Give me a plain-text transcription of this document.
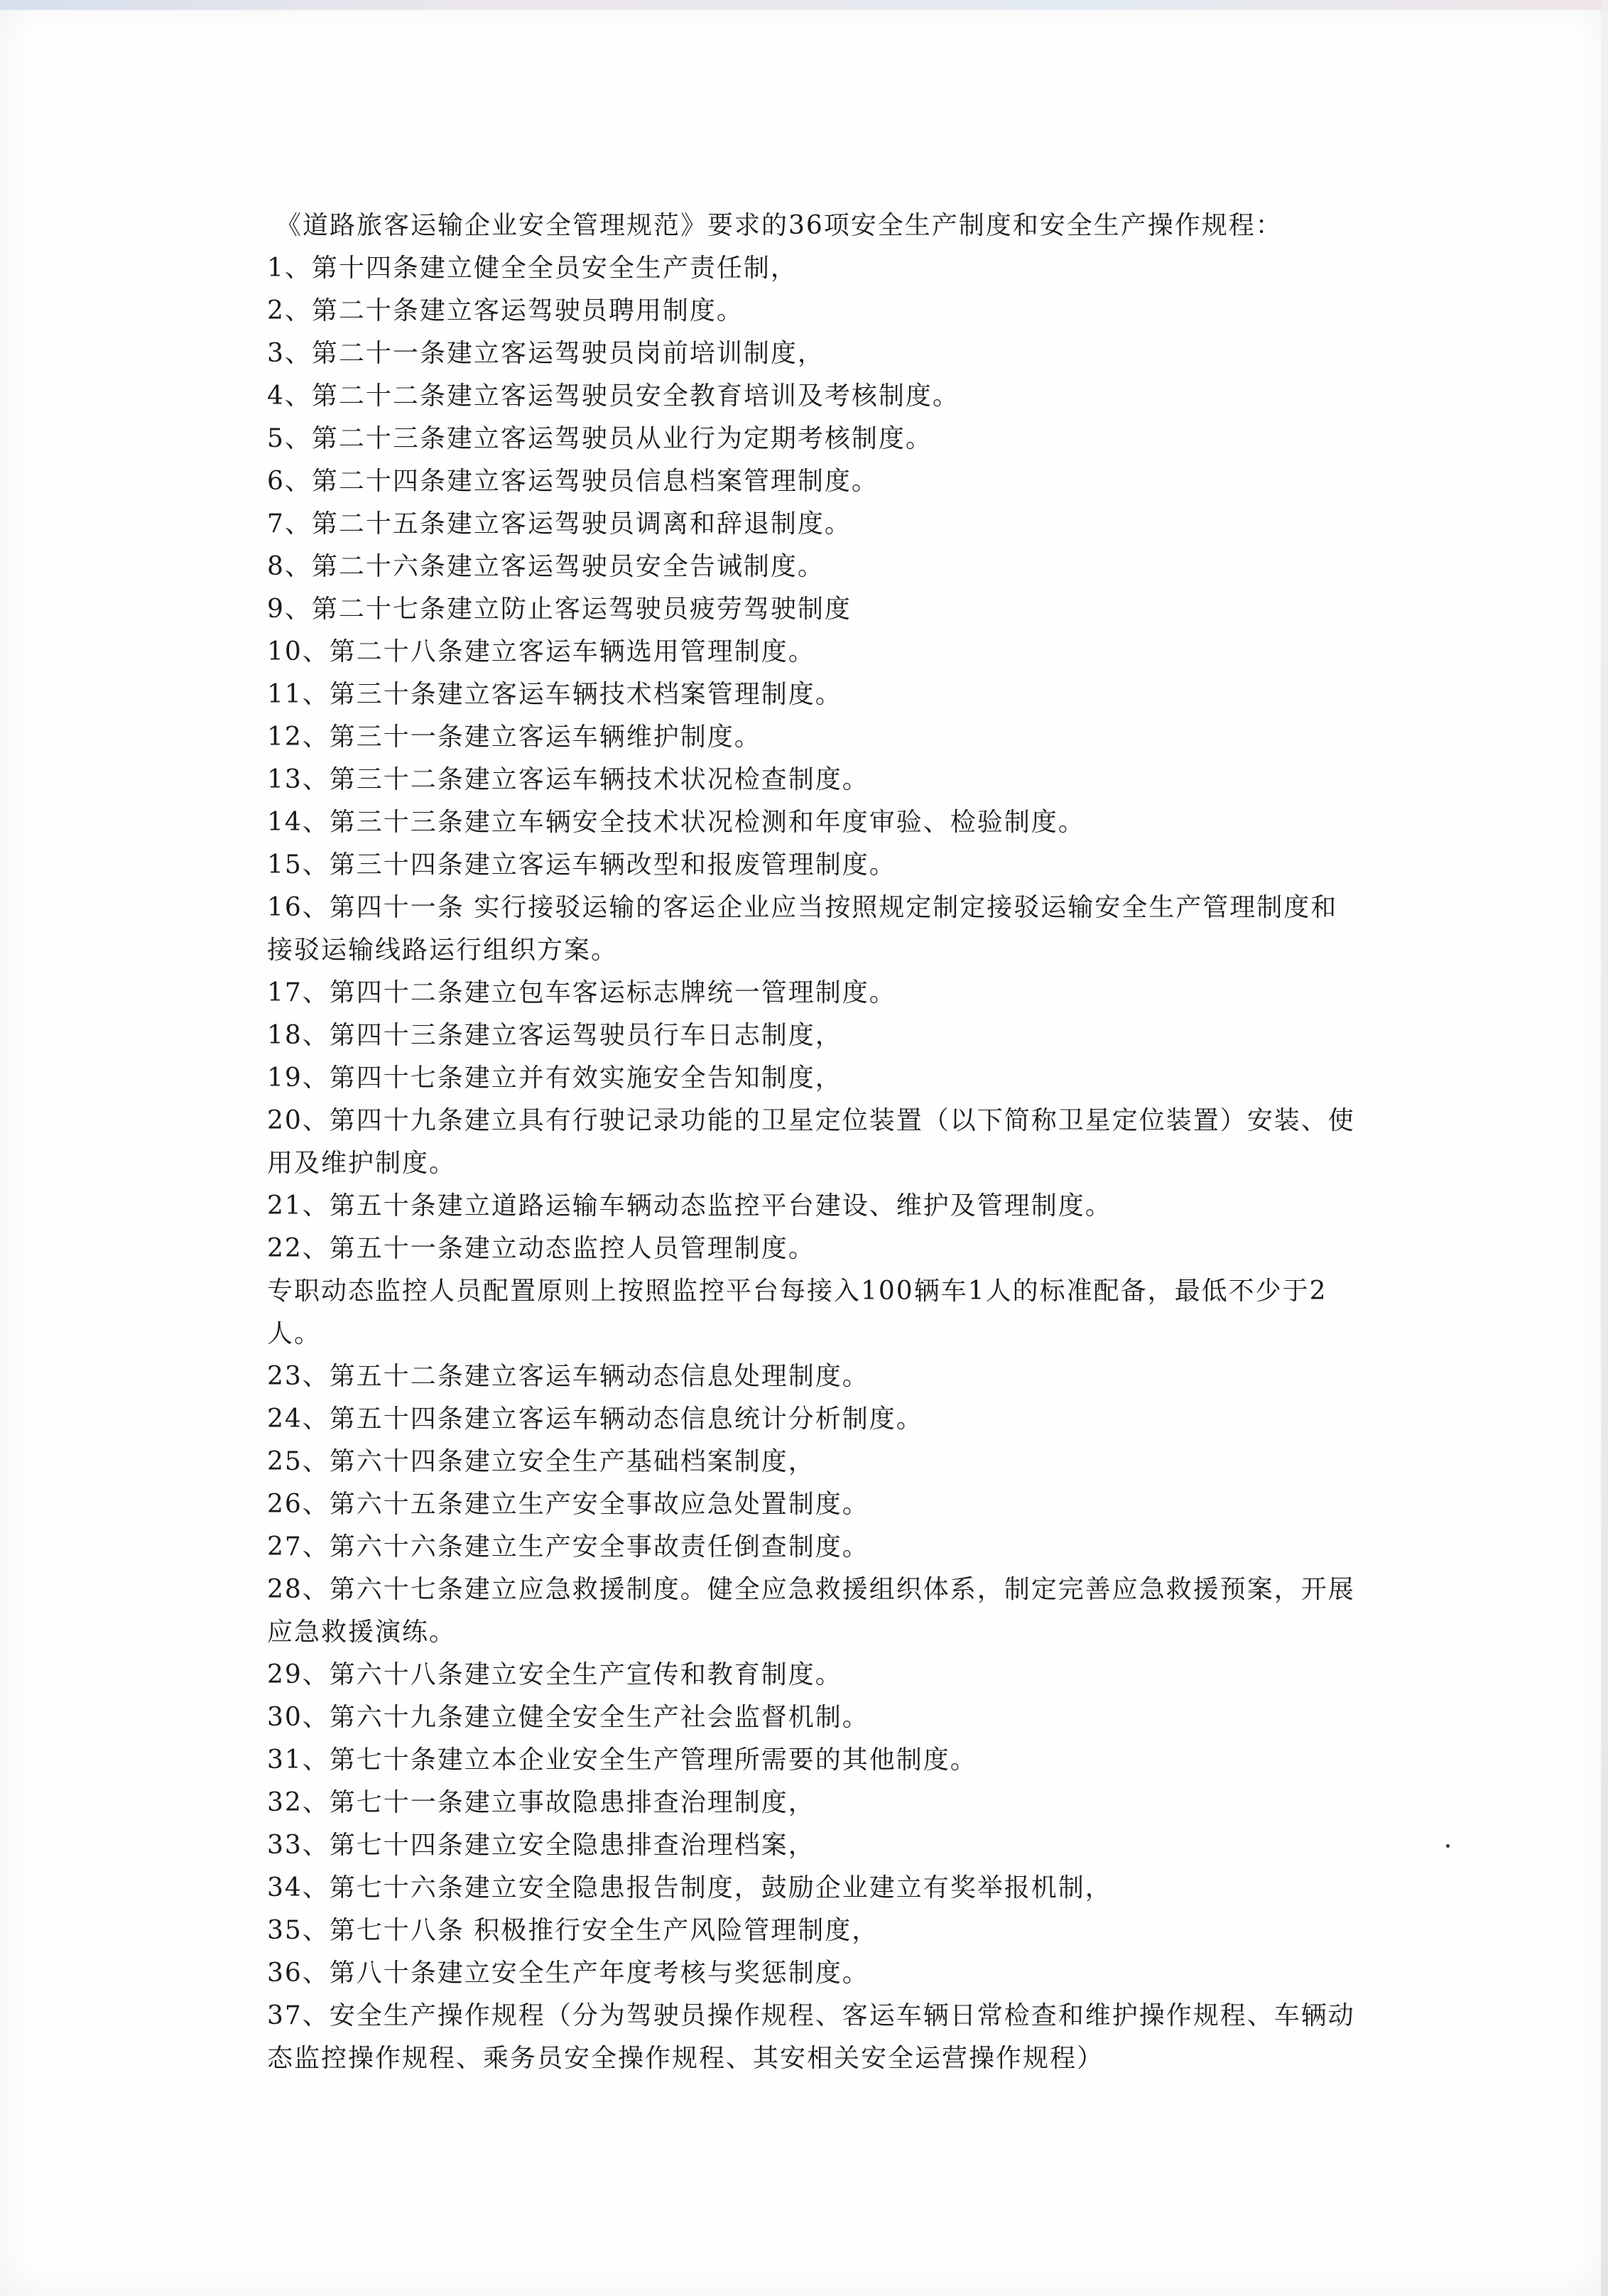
《道路旅客运输企业安全管理规范》要求的36项安全生产制度和安全生产操作规程：
1、第十四条建立健全全员安全生产责任制，
2、第二十条建立客运驾驶员聘用制度。
3、第二十一条建立客运驾驶员岗前培训制度，
4、第二十二条建立客运驾驶员安全教育培训及考核制度。
5、第二十三条建立客运驾驶员从业行为定期考核制度。
6、第二十四条建立客运驾驶员信息档案管理制度。
7、第二十五条建立客运驾驶员调离和辞退制度。
8、第二十六条建立客运驾驶员安全告诫制度。
9、第二十七条建立防止客运驾驶员疲劳驾驶制度
10、第二十八条建立客运车辆选用管理制度。
11、第三十条建立客运车辆技术档案管理制度。
12、第三十一条建立客运车辆维护制度。
13、第三十二条建立客运车辆技术状况检查制度。
14、第三十三条建立车辆安全技术状况检测和年度审验、检验制度。
15、第三十四条建立客运车辆改型和报废管理制度。
16、第四十一条 实行接驳运输的客运企业应当按照规定制定接驳运输安全生产管理制度和
接驳运输线路运行组织方案。
17、第四十二条建立包车客运标志牌统一管理制度。
18、第四十三条建立客运驾驶员行车日志制度，
19、第四十七条建立并有效实施安全告知制度，
20、第四十九条建立具有行驶记录功能的卫星定位装置（以下简称卫星定位装置）安装、使
用及维护制度。
21、第五十条建立道路运输车辆动态监控平台建设、维护及管理制度。
22、第五十一条建立动态监控人员管理制度。
专职动态监控人员配置原则上按照监控平台每接入100辆车1人的标准配备，最低不少于2
人。
23、第五十二条建立客运车辆动态信息处理制度。
24、第五十四条建立客运车辆动态信息统计分析制度。
25、第六十四条建立安全生产基础档案制度，
26、第六十五条建立生产安全事故应急处置制度。
27、第六十六条建立生产安全事故责任倒查制度。
28、第六十七条建立应急救援制度。健全应急救援组织体系，制定完善应急救援预案，开展
应急救援演练。
29、第六十八条建立安全生产宣传和教育制度。
30、第六十九条建立健全安全生产社会监督机制。
31、第七十条建立本企业安全生产管理所需要的其他制度。
32、第七十一条建立事故隐患排查治理制度，
33、第七十四条建立安全隐患排查治理档案，
34、第七十六条建立安全隐患报告制度，鼓励企业建立有奖举报机制，
35、第七十八条 积极推行安全生产风险管理制度，
36、第八十条建立安全生产年度考核与奖惩制度。
37、安全生产操作规程（分为驾驶员操作规程、客运车辆日常检查和维护操作规程、车辆动
态监控操作规程、乘务员安全操作规程、其安相关安全运营操作规程）
